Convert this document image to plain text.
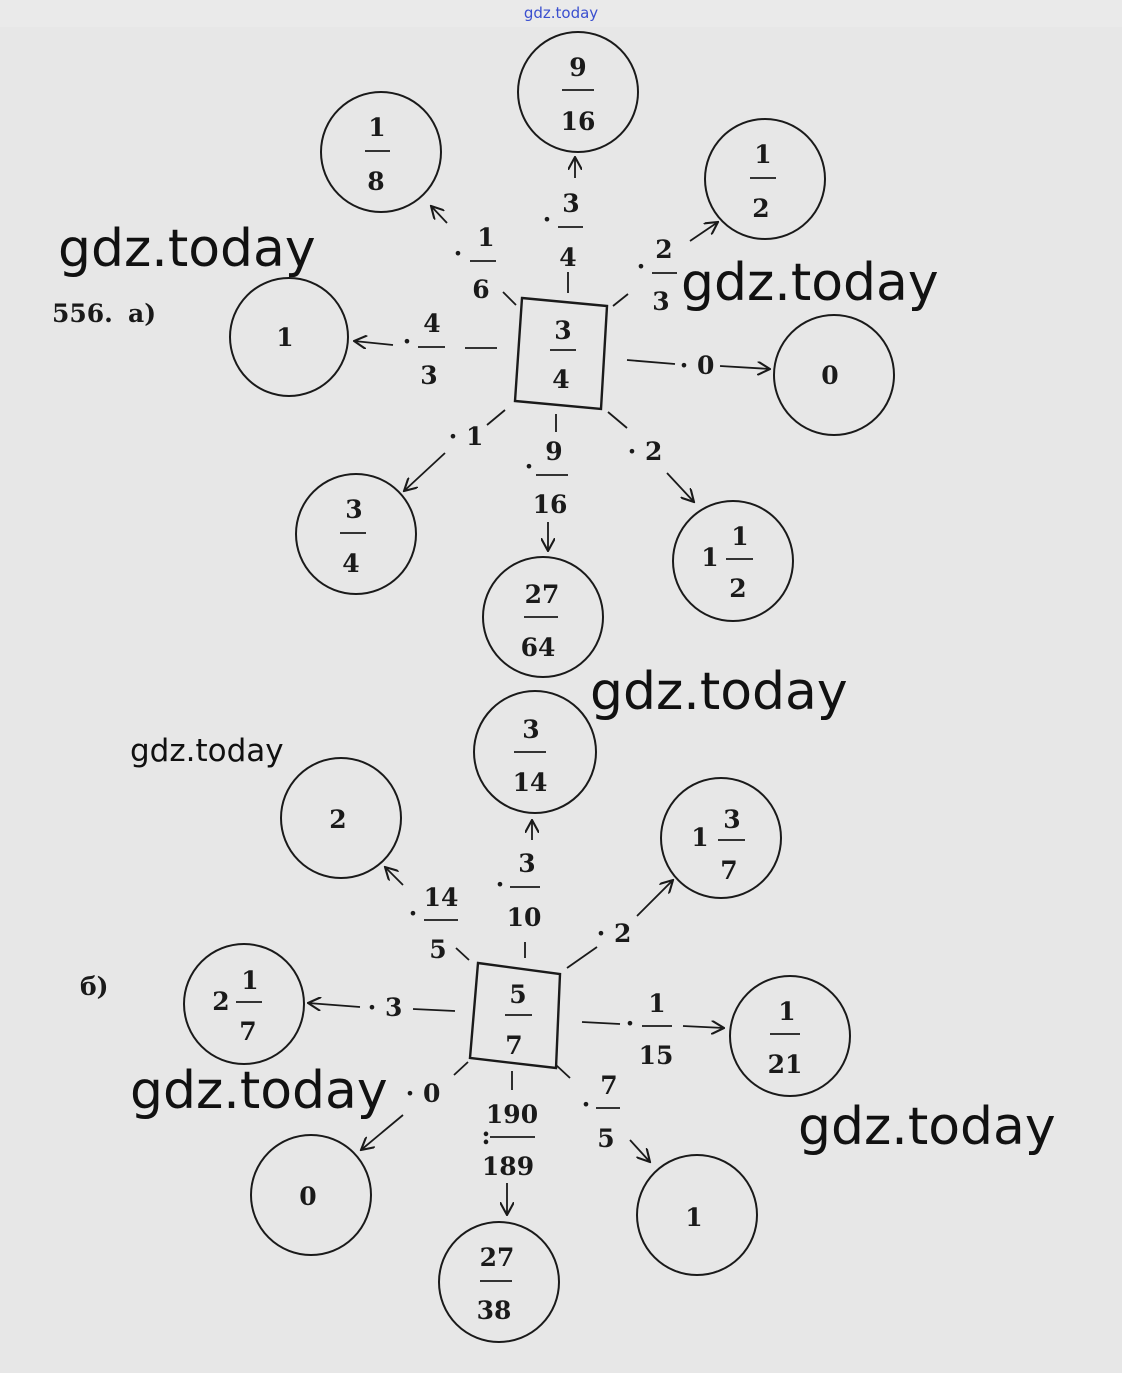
gdz.today
556. а)
б)
3
4
9
16
1
8
1
2
1
0
3
4
27
64
1
1
2
·
3
4
·
1
6
·
2
3
·
4
3	· 0
· 1
·
9
16
· 2
5
7
3
14
2
1
3
7
2
1
7
1
21
0
27
38
1
·
3
10
·
14
5
· 2
· 3
·
1
15
· 0
:
190
189
·
7
5
gdz.today
gdz.today
gdz.today
gdz.today
gdz.today
gdz.today
